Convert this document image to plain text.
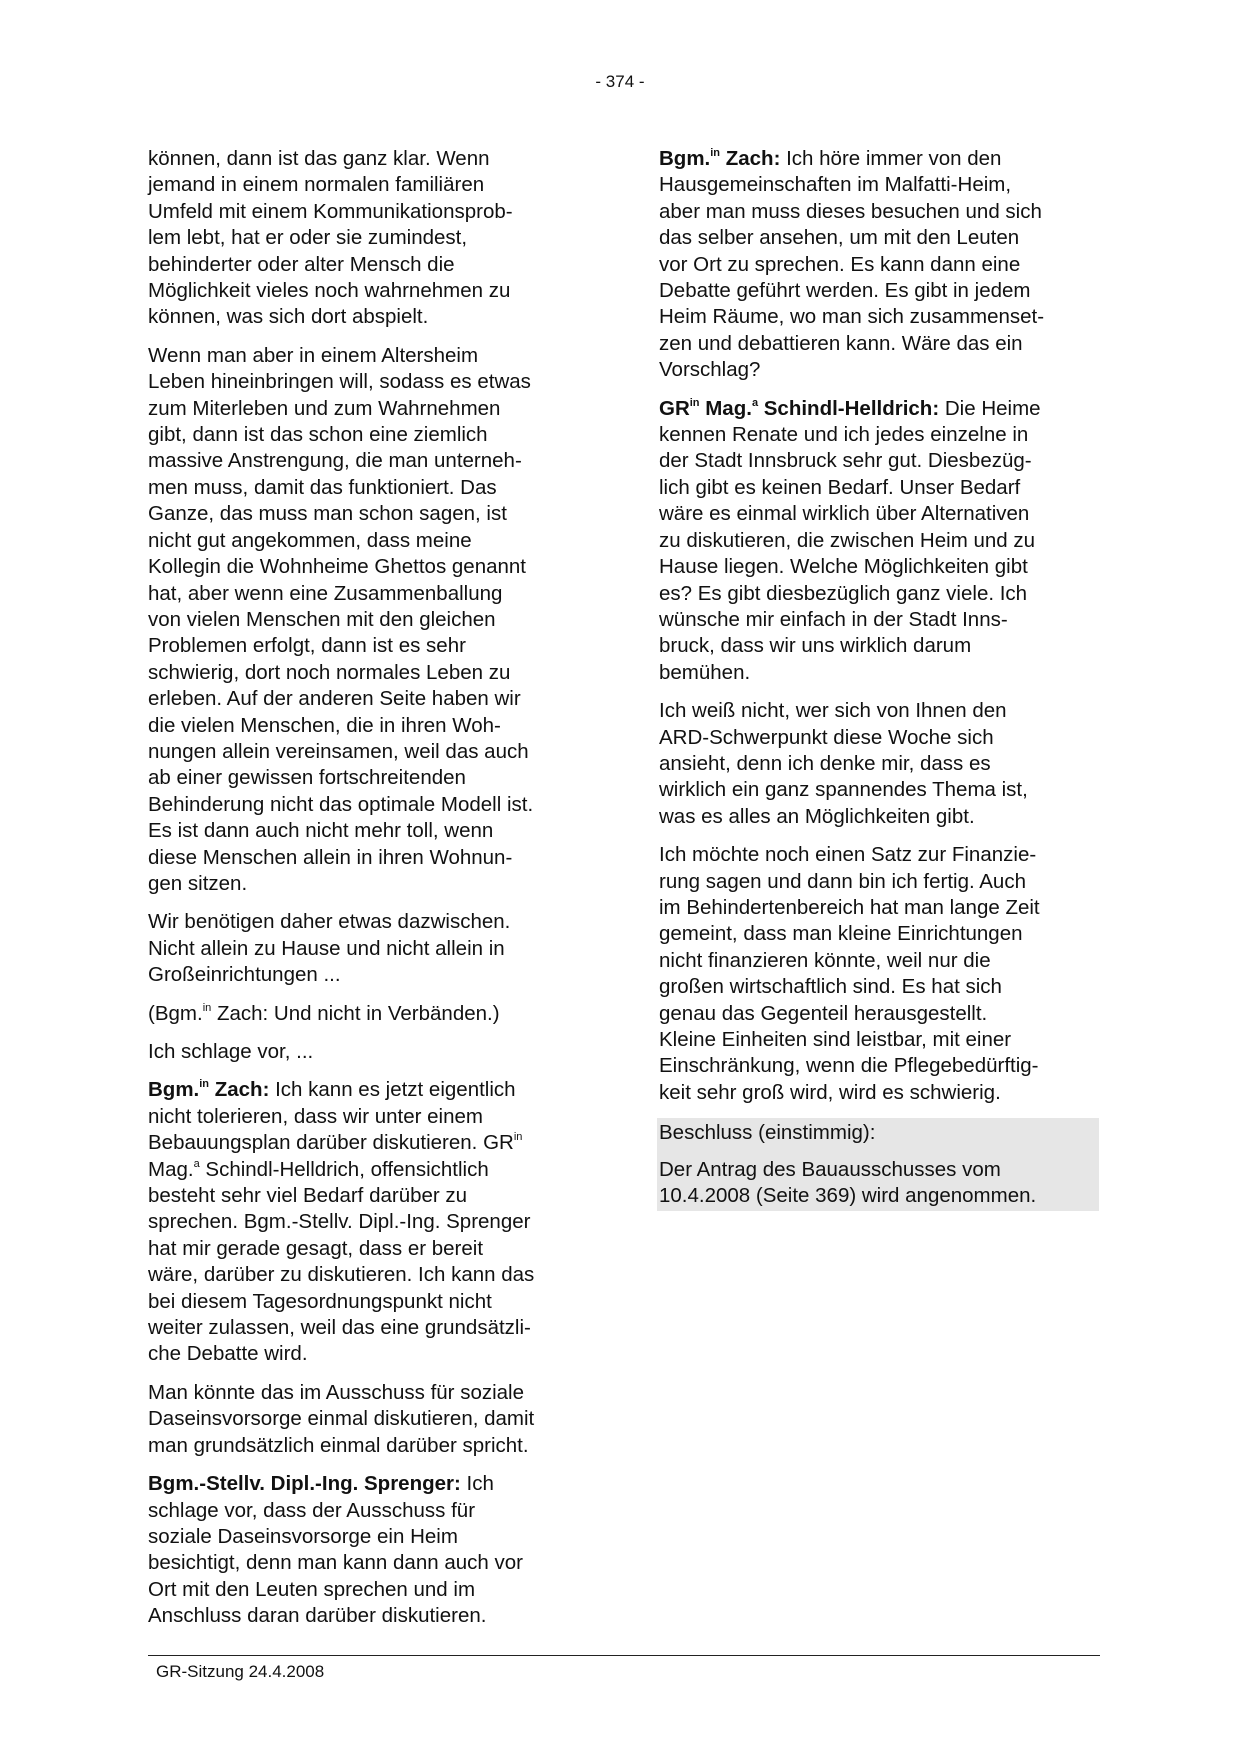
- 374 -

können, dann ist das ganz klar. Wenn
jemand in einem normalen familiären
Umfeld mit einem Kommunikationsprob-
lem lebt, hat er oder sie zumindest,
behinderter oder alter Mensch die
Möglichkeit vieles noch wahrnehmen zu
können, was sich dort abspielt.

Wenn man aber in einem Altersheim
Leben hineinbringen will, sodass es etwas
zum Miterleben und zum Wahrnehmen
gibt, dann ist das schon eine ziemlich
massive Anstrengung, die man unterneh-
men muss, damit das funktioniert. Das
Ganze, das muss man schon sagen, ist
nicht gut angekommen, dass meine
Kollegin die Wohnheime Ghettos genannt
hat, aber wenn eine Zusammenballung
von vielen Menschen mit den gleichen
Problemen erfolgt, dann ist es sehr
schwierig, dort noch normales Leben zu
erleben. Auf der anderen Seite haben wir
die vielen Menschen, die in ihren Woh-
nungen allein vereinsamen, weil das auch
ab einer gewissen fortschreitenden
Behinderung nicht das optimale Modell ist.
Es ist dann auch nicht mehr toll, wenn
diese Menschen allein in ihren Wohnun-
gen sitzen.

Wir benötigen daher etwas dazwischen.
Nicht allein zu Hause und nicht allein in
Großeinrichtungen ...

(Bgm.$^{in}$ Zach: Und nicht in Verbänden.)

Ich schlage vor, ...

Bgm.$^{in}$ Zach: Ich kann es jetzt eigentlich
nicht tolerieren, dass wir unter einem
Bebauungsplan darüber diskutieren. $GR^{in}$
Mag.$^a$ Schindl-Helldrich, offensichtlich
besteht sehr viel Bedarf darüber zu
sprechen. Bgm.-Stellv. Dipl.-Ing. Sprenger
hat mir gerade gesagt, dass er bereit
wäre, darüber zu diskutieren. Ich kann das
bei diesem Tagesordnungspunkt nicht
weiter zulassen, weil das eine grundsätzli-
che Debatte wird.

Man könnte das im Ausschuss für soziale
Daseinsvorsorge einmal diskutieren, damit
man grundsätzlich einmal darüber spricht.

Bgm.-Stellv. Dipl.-Ing. Sprenger: Ich
schlage vor, dass der Ausschuss für
soziale Daseinsvorsorge ein Heim
besichtigt, denn man kann dann auch vor
Ort mit den Leuten sprechen und im
Anschluss daran darüber diskutieren.

Bgm.$^{in}$ Zach: Ich höre immer von den
Hausgemeinschaften im Malfatti-Heim,
aber man muss dieses besuchen und sich
das selber ansehen, um mit den Leuten
vor Ort zu sprechen. Es kann dann eine
Debatte geführt werden. Es gibt in jedem
Heim Räume, wo man sich zusammenset-
zen und debattieren kann. Wäre das ein
Vorschlag?

$GR^{in}$ Mag.$^a$ Schindl-Helldrich: Die Heime
kennen Renate und ich jedes einzelne in
der Stadt Innsbruck sehr gut. Diesbezüg-
lich gibt es keinen Bedarf. Unser Bedarf
wäre es einmal wirklich über Alternativen
zu diskutieren, die zwischen Heim und zu
Hause liegen. Welche Möglichkeiten gibt
es? Es gibt diesbezüglich ganz viele. Ich
wünsche mir einfach in der Stadt Inns-
bruck, dass wir uns wirklich darum
bemühen.

Ich weiß nicht, wer sich von Ihnen den
ARD-Schwerpunkt diese Woche sich
ansieht, denn ich denke mir, dass es
wirklich ein ganz spannendes Thema ist,
was es alles an Möglichkeiten gibt.

Ich möchte noch einen Satz zur Finanzie-
rung sagen und dann bin ich fertig. Auch
im Behindertenbereich hat man lange Zeit
gemeint, dass man kleine Einrichtungen
nicht finanzieren könnte, weil nur die
großen wirtschaftlich sind. Es hat sich
genau das Gegenteil herausgestellt.
Kleine Einheiten sind leistbar, mit einer
Einschränkung, wenn die Pflegebedürftig-
keit sehr groß wird, wird es schwierig.

Beschluss (einstimmig):

Der Antrag des Bauausschusses vom
10.4.2008 (Seite 369) wird angenommen.

GR-Sitzung 24.4.2008
